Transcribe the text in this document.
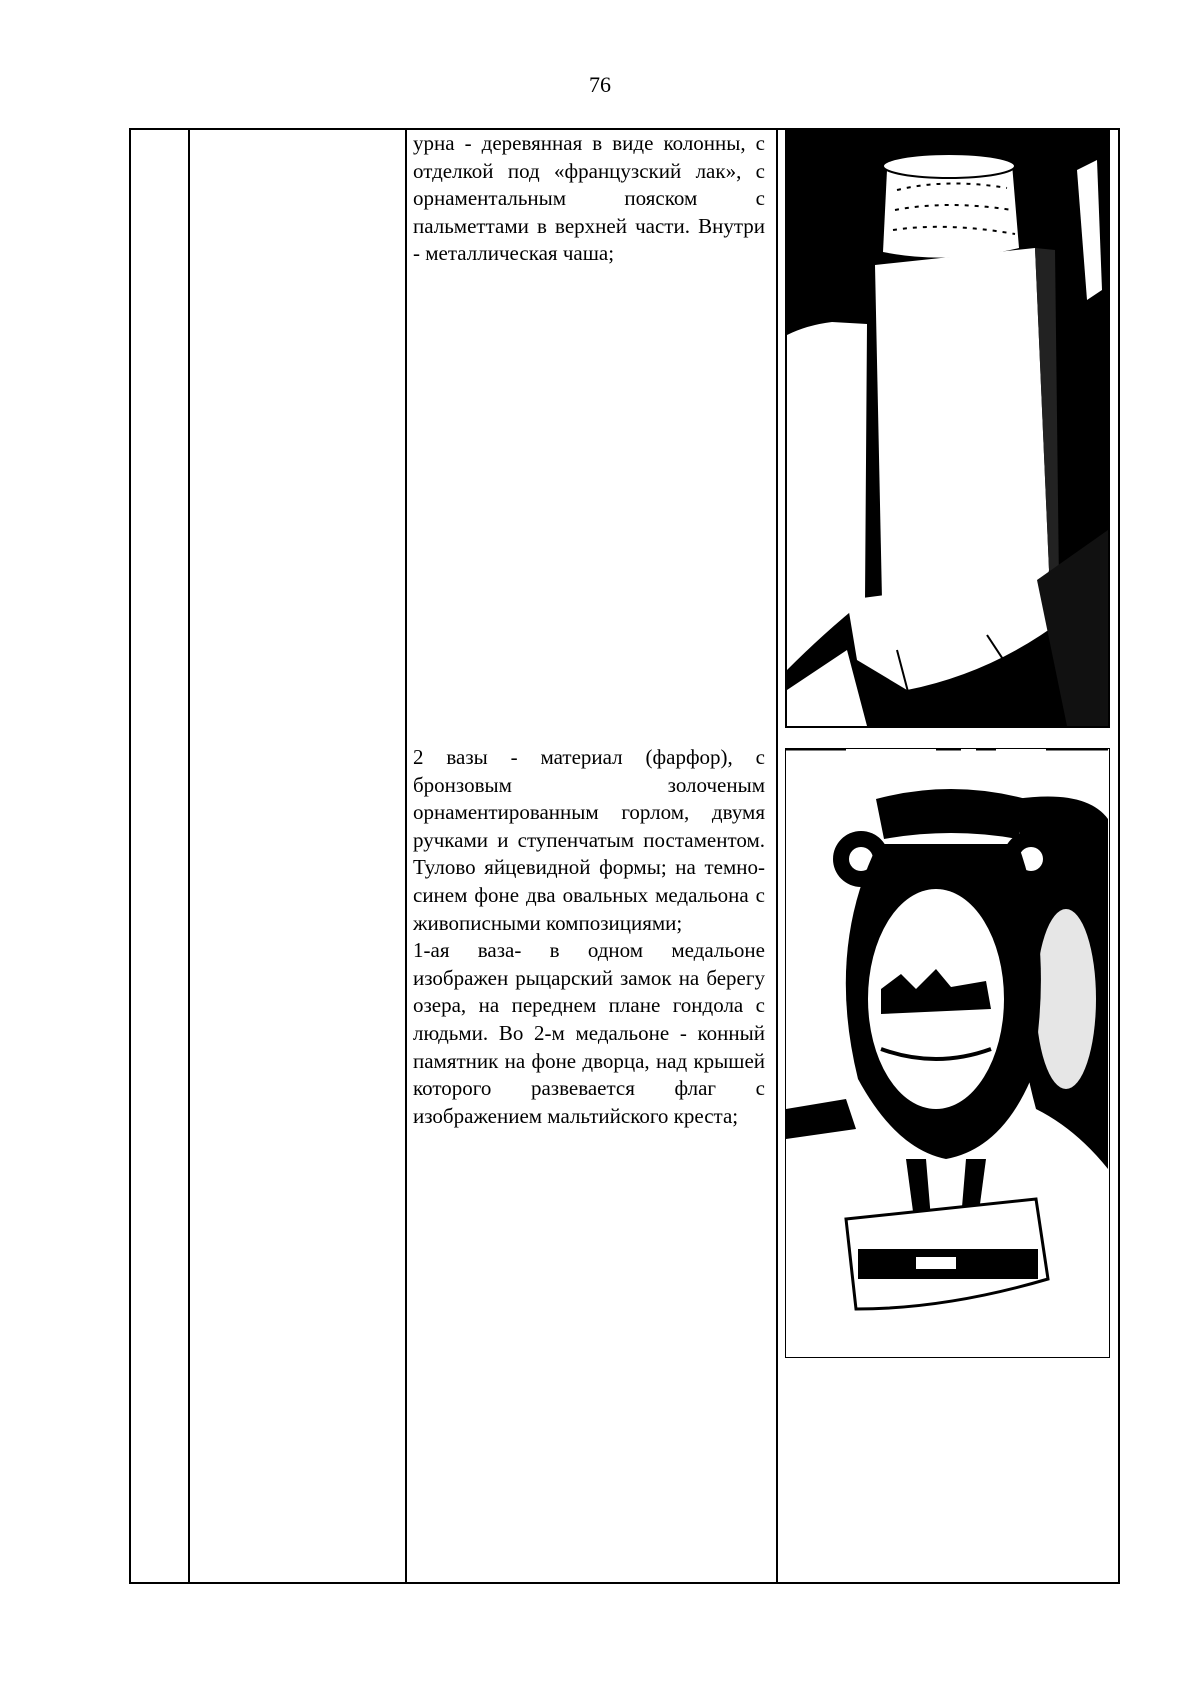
76

урна - деревянная в виде колонны, с отделкой под «французский лак», с орнаментальным пояском с пальметтами в верхней части. Внутри - металлическая чаша;

2 вазы - материал (фарфор), с бронзовым золоченым орнаментированным горлом, двумя ручками и ступенчатым постаментом. Тулово яйцевидной формы; на темно-синем фоне два овальных медальона с живописными композициями;

1-ая ваза- в одном медальоне изображен рыцарский замок на берегу озера, на переднем плане гондола с людьми. Во 2-м медальоне - конный памятник на фоне дворца, над крышей которого развевается флаг с изображением мальтийского креста;
